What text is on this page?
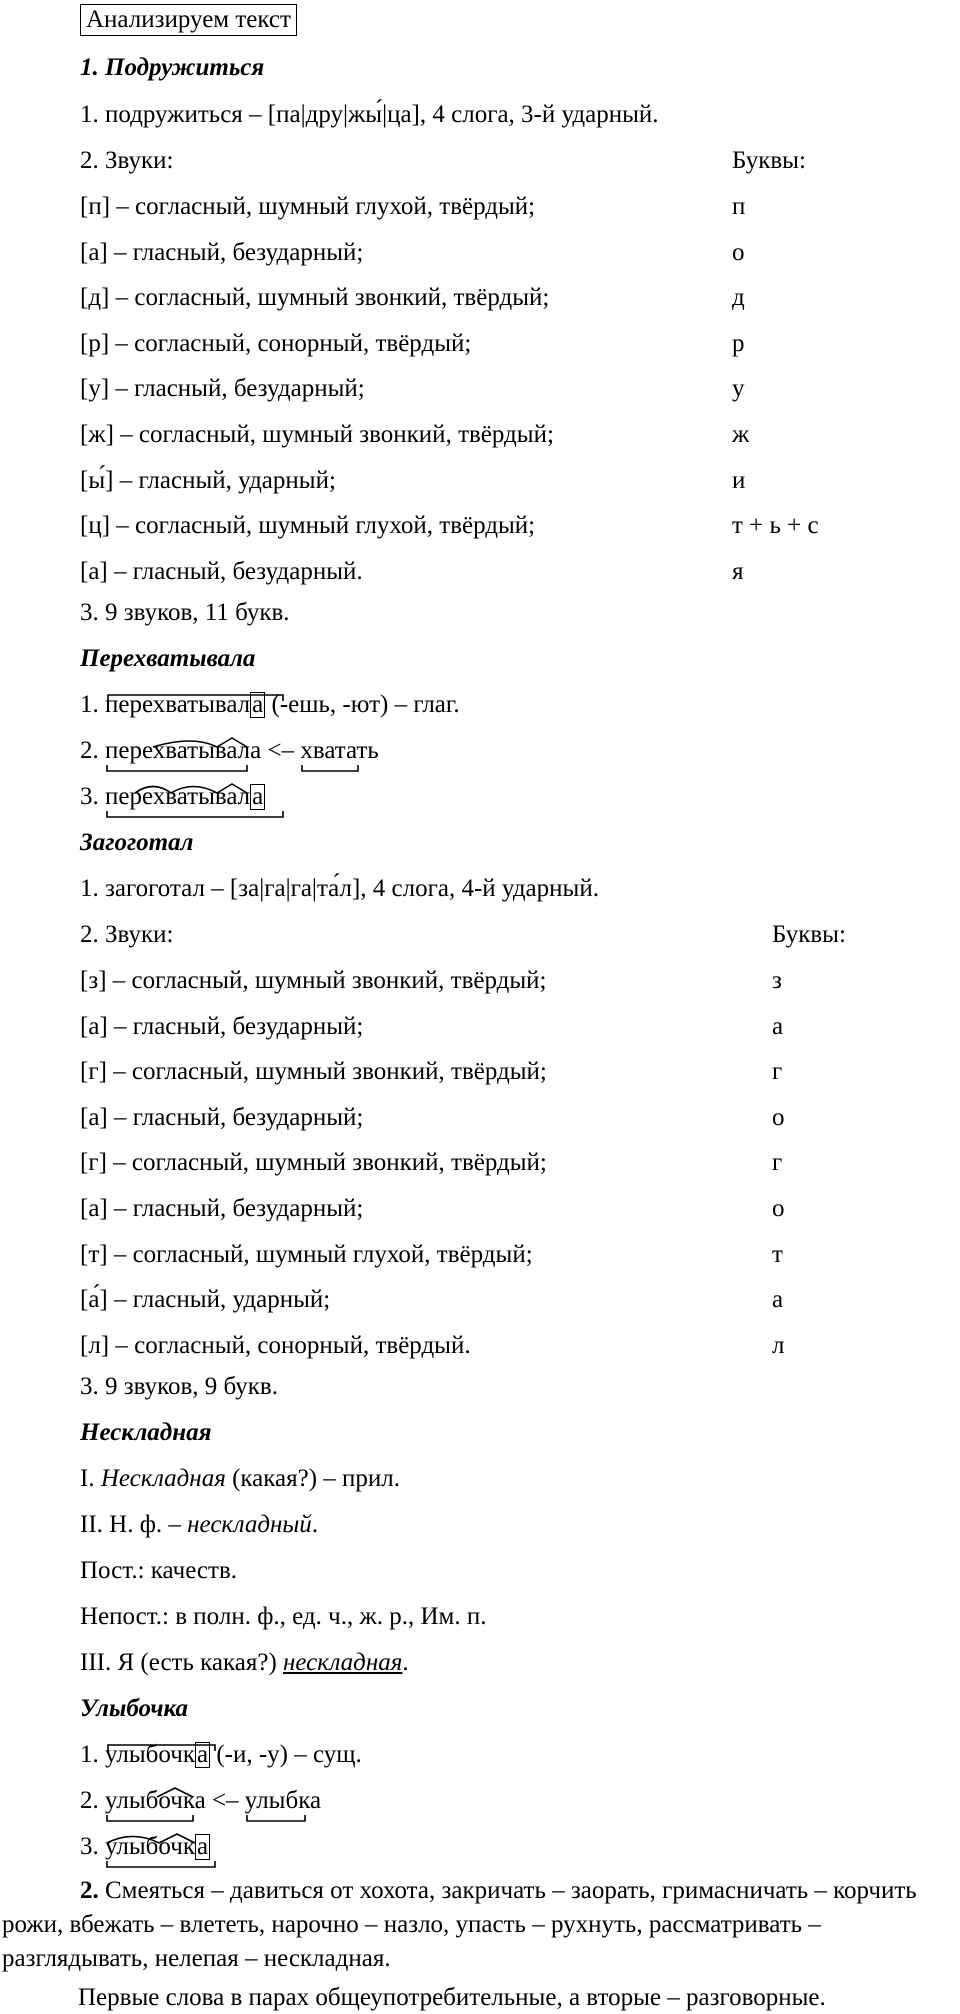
Анализируем текст
1. Подружиться
1. подружиться – [па|дру|жы́|ца], 4 слога, 3-й ударный.
2. Звуки:	Буквы:
[п] – согласный, шумный глухой, твёрдый;	п
[а] – гласный, безударный;	о
[д] – согласный, шумный звонкий, твёрдый;	д
[р] – согласный, сонорный, твёрдый;	р
[у] – гласный, безударный;	у
[ж] – согласный, шумный звонкий, твёрдый;	ж
[ы́] – гласный, ударный;	и
[ц] – согласный, шумный глухой, твёрдый;	т + ь + с
[а] – гласный, безударный.	я
3. 9 звуков, 11 букв.
Перехватывала
1. перехватывала
(-ешь, -ют) – глаг.
2. перехватывала
<– хватать
3. перехватывала
Загоготал
1. загоготал – [за|га|га|та́л], 4 слога, 4-й ударный.
2. Звуки:	Буквы:
[з] – согласный, шумный звонкий, твёрдый;	з
[а] – гласный, безударный;	а
[г] – согласный, шумный звонкий, твёрдый;	г
[а] – гласный, безударный;	о
[г] – согласный, шумный звонкий, твёрдый;	г
[а] – гласный, безударный;	о
[т] – согласный, шумный глухой, твёрдый;	т
[а́] – гласный, ударный;	а
[л] – согласный, сонорный, твёрдый.	л
3. 9 звуков, 9 букв.
Нескладная
I. Нескладная (какая?) – прил.
II. Н. ф. – нескладный.
Пост.: качеств.
Непост.: в полн. ф., ед. ч., ж. р., Им. п.
III. Я (есть какая?) нескладная.
Улыбочка
1. улыбочка
(-и, -у) – сущ.
2. улыбочка
<– улыбка
3. улыбочка
2. Смеяться – давиться от хохота, закричать – заорать, гримасничать – корчить рожи, вбежать – влететь, нарочно – назло, упасть – рухнуть, рассматривать – разглядывать, нелепая – нескладная.
Первые слова в парах общеупотребительные, а вторые – разговорные.
